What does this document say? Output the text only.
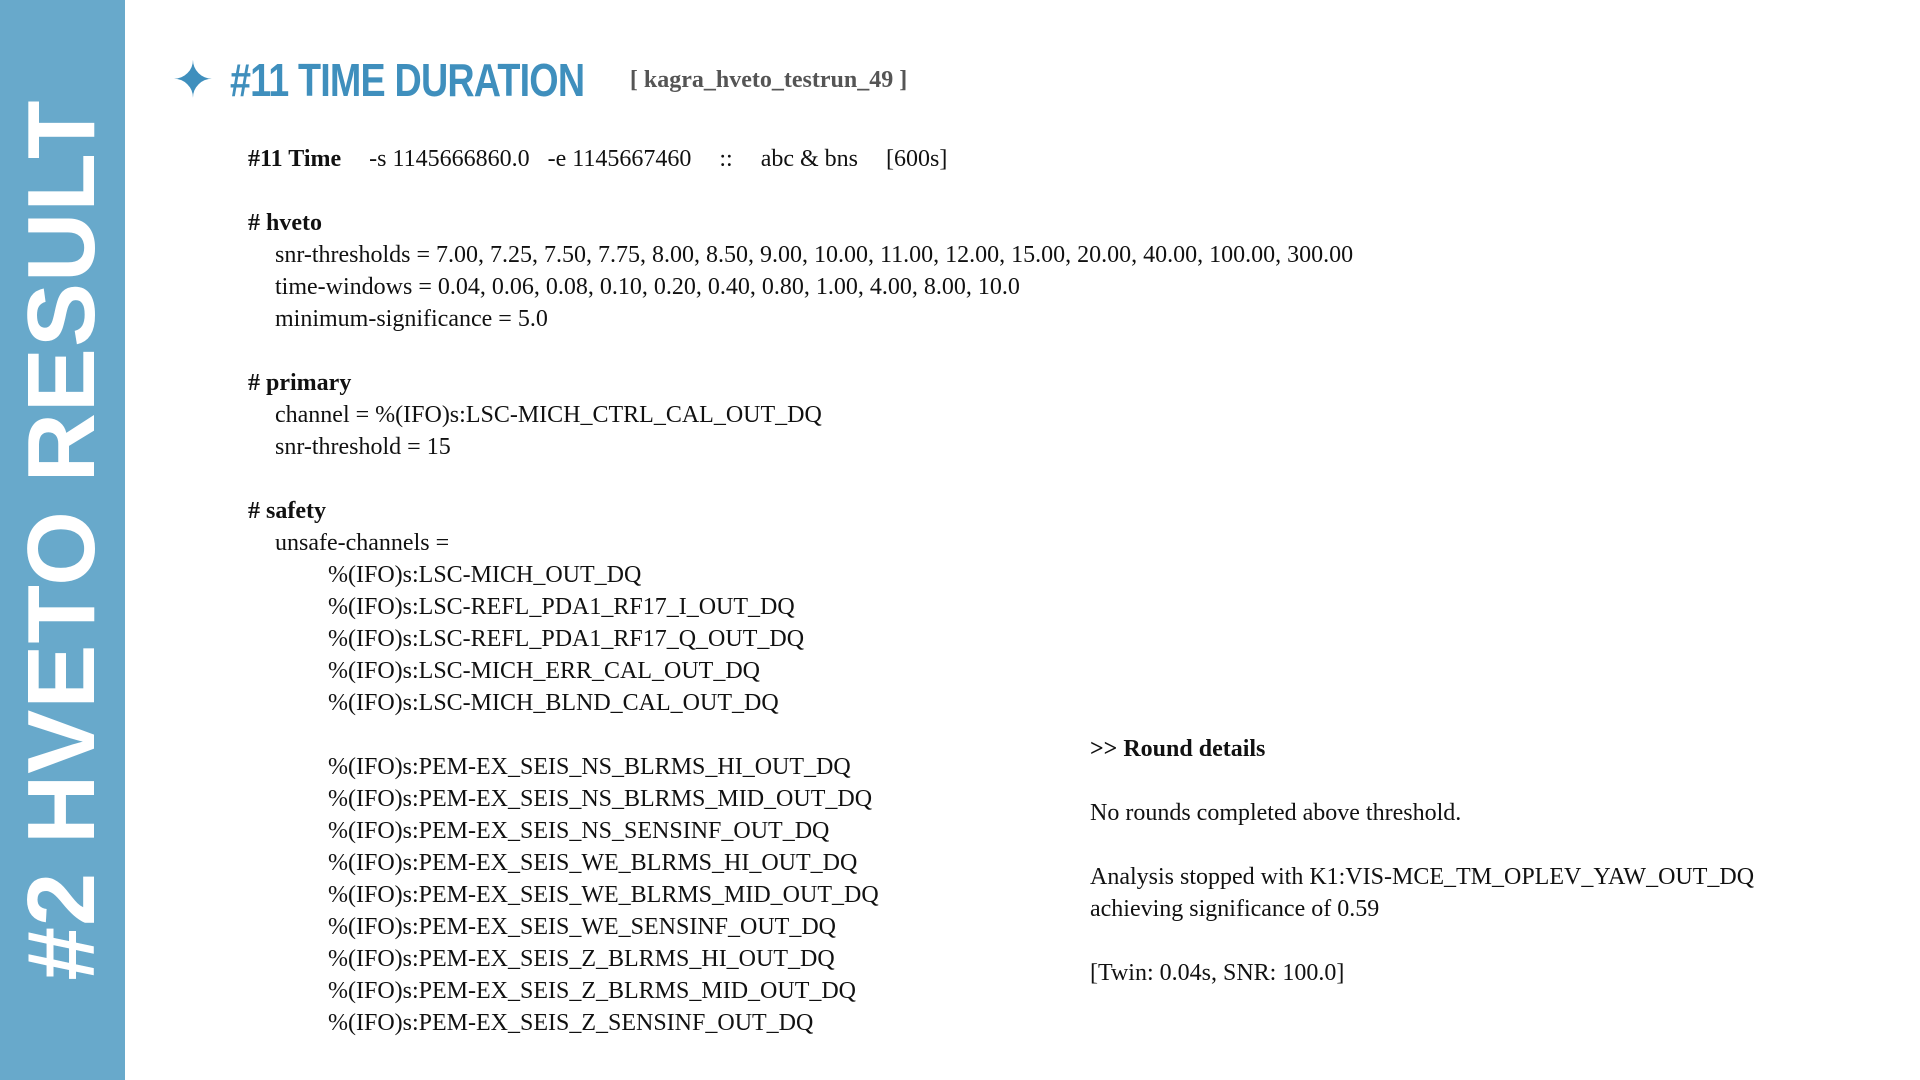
#2 HVETO RESULT
✦ #11 TIME DURATION [ kagra_hveto_testrun_49 ]
#11 Time -s 1145666860.0 -e 1145667460 :: abc & bns [600s]
# hveto
snr-thresholds = 7.00, 7.25, 7.50, 7.75, 8.00, 8.50, 9.00, 10.00, 11.00, 12.00, 15.00, 20.00, 40.00, 100.00, 300.00
time-windows = 0.04, 0.06, 0.08, 0.10, 0.20, 0.40, 0.80, 1.00, 4.00, 8.00, 10.0
minimum-significance = 5.0
# primary
channel = %(IFO)s:LSC-MICH_CTRL_CAL_OUT_DQ
snr-threshold = 15
# safety
unsafe-channels =
%(IFO)s:LSC-MICH_OUT_DQ
%(IFO)s:LSC-REFL_PDA1_RF17_I_OUT_DQ
%(IFO)s:LSC-REFL_PDA1_RF17_Q_OUT_DQ
%(IFO)s:LSC-MICH_ERR_CAL_OUT_DQ
%(IFO)s:LSC-MICH_BLND_CAL_OUT_DQ
%(IFO)s:PEM-EX_SEIS_NS_BLRMS_HI_OUT_DQ
%(IFO)s:PEM-EX_SEIS_NS_BLRMS_MID_OUT_DQ
%(IFO)s:PEM-EX_SEIS_NS_SENSINF_OUT_DQ
%(IFO)s:PEM-EX_SEIS_WE_BLRMS_HI_OUT_DQ
%(IFO)s:PEM-EX_SEIS_WE_BLRMS_MID_OUT_DQ
%(IFO)s:PEM-EX_SEIS_WE_SENSINF_OUT_DQ
%(IFO)s:PEM-EX_SEIS_Z_BLRMS_HI_OUT_DQ
%(IFO)s:PEM-EX_SEIS_Z_BLRMS_MID_OUT_DQ
%(IFO)s:PEM-EX_SEIS_Z_SENSINF_OUT_DQ
>> Round details
No rounds completed above threshold.
Analysis stopped with K1:VIS-MCE_TM_OPLEV_YAW_OUT_DQ
achieving significance of 0.59
[Twin: 0.04s, SNR: 100.0]
